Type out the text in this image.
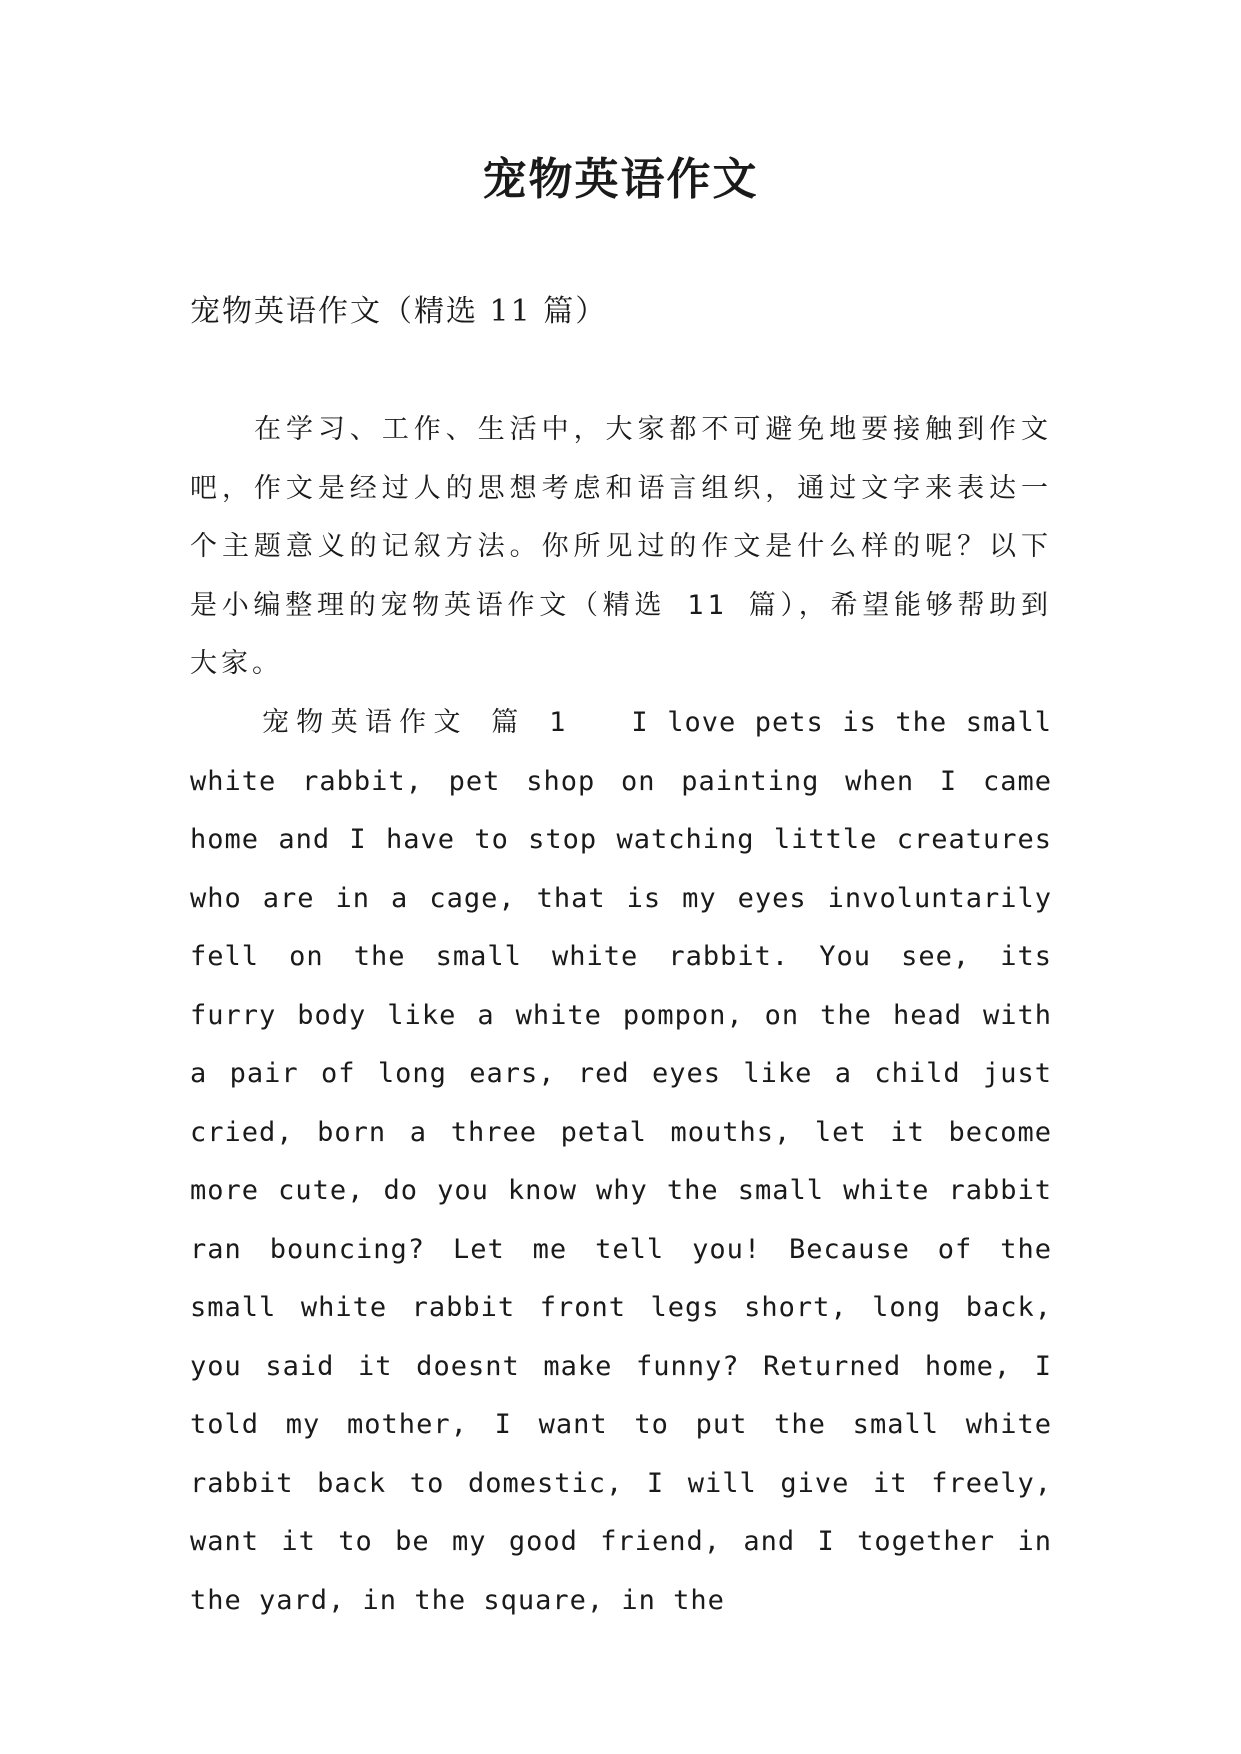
宠物英语作文
宠物英语作文（精选 11 篇）

在学习、工作、生活中，大家都不可避免地要接触到作文吧，作文是经过人的思想考虑和语言组织，通过文字来表达一个主题意义的记叙方法。你所见过的作文是什么样的呢？以下是小编整理的宠物英语作文（精选 11 篇），希望能够帮助到大家。

宠物英语作文 篇 1 I love pets is the small white rabbit, pet shop on painting when I came home and I have to stop watching little creatures who are in a cage, that is my eyes involuntarily fell on the small white rabbit. You see, its furry body like a white pompon, on the head with a pair of long ears, red eyes like a child just cried, born a three petal mouths, let it become more cute, do you know why the small white rabbit ran bouncing? Let me tell you! Because of the small white rabbit front legs short, long back, you said it doesnt make funny? Returned home, I told my mother, I want to put the small white rabbit back to domestic, I will give it freely, want it to be my good friend, and I together in the yard, in the square, in the
